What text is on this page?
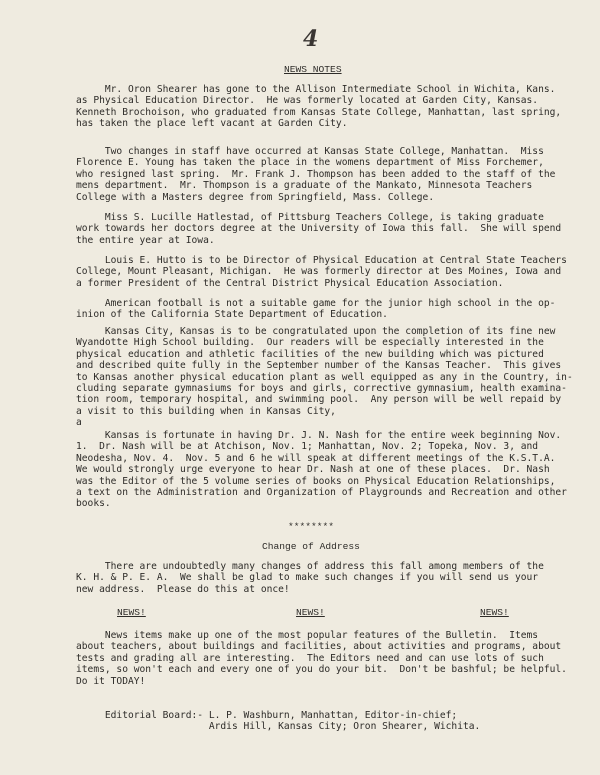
4
NEWS NOTES
Mr. Oron Shearer has gone to the Allison Intermediate School in Wichita, Kans.
as Physical Education Director.  He was formerly located at Garden City, Kansas.
Kenneth Brochoison, who graduated from Kansas State College, Manhattan, last spring,
has taken the place left vacant at Garden City.
Two changes in staff have occurred at Kansas State College, Manhattan.  Miss
Florence E. Young has taken the place in the womens department of Miss Forchemer,
who resigned last spring.  Mr. Frank J. Thompson has been added to the staff of the
mens department.  Mr. Thompson is a graduate of the Mankato, Minnesota Teachers
College with a Masters degree from Springfield, Mass. College.
Miss S. Lucille Hatlestad, of Pittsburg Teachers College, is taking graduate
work towards her doctors degree at the University of Iowa this fall.  She will spend
the entire year at Iowa.
Louis E. Hutto is to be Director of Physical Education at Central State Teachers
College, Mount Pleasant, Michigan.  He was formerly director at Des Moines, Iowa and
a former President of the Central District Physical Education Association.
American football is not a suitable game for the junior high school in the op-
inion of the California State Department of Education.
Kansas City, Kansas is to be congratulated upon the completion of its fine new
Wyandotte High School building.  Our readers will be especially interested in the
physical education and athletic facilities of the new building which was pictured
and described quite fully in the September number of the Kansas Teacher.  This gives
to Kansas another physical education plant as well equipped as any in the Country, in-
cluding separate gymnasiums for boys and girls, corrective gymnasium, health examina-
tion room, temporary hospital, and swimming pool.  Any person will be well repaid by
a visit to this building when in Kansas City,
a
Kansas is fortunate in having Dr. J. N. Nash for the entire week beginning Nov.
1.  Dr. Nash will be at Atchison, Nov. 1; Manhattan, Nov. 2; Topeka, Nov. 3, and
Neodesha, Nov. 4.  Nov. 5 and 6 he will speak at different meetings of the K.S.T.A.
We would strongly urge everyone to hear Dr. Nash at one of these places.  Dr. Nash
was the Editor of the 5 volume series of books on Physical Education Relationships,
a text on the Administration and Organization of Playgrounds and Recreation and other
books.
********
Change of Address
There are undoubtedly many changes of address this fall among members of the
K. H. & P. E. A.  We shall be glad to make such changes if you will send us your
new address.  Please do this at once!
NEWS!	NEWS!	NEWS!
News items make up one of the most popular features of the Bulletin.  Items
about teachers, about buildings and facilities, about activities and programs, about
tests and grading all are interesting.  The Editors need and can use lots of such
items, so won't each and every one of you do your bit.  Don't be bashful; be helpful.
Do it TODAY!
Editorial Board:- L. P. Washburn, Manhattan, Editor-in-chief;
Ardis Hill, Kansas City; Oron Shearer, Wichita.
